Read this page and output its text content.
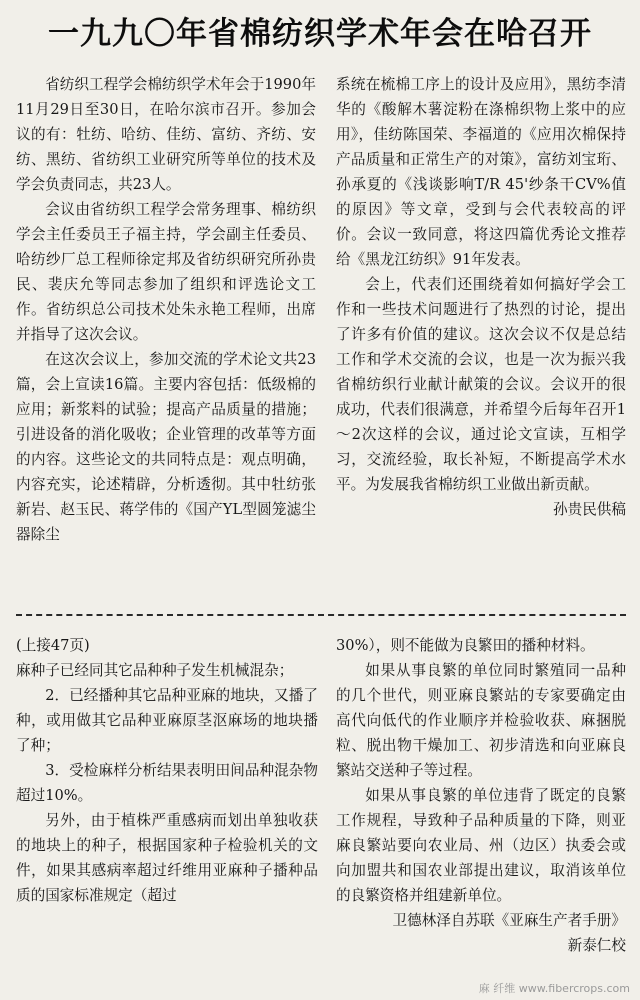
一九九〇年省棉纺织学术年会在哈召开

省纺织工程学会棉纺织学术年会于1990年11月29日至30日，在哈尔滨市召开。参加会议的有：牡纺、哈纺、佳纺、富纺、齐纺、安纺、黑纺、省纺织工业研究所等单位的技术及学会负责同志，共23人。

会议由省纺织工程学会常务理事、棉纺织学会主任委员王子福主持，学会副主任委员、哈纺纱厂总工程师徐定邦及省纺织研究所孙贵民、裴庆允等同志参加了组织和评选论文工作。省纺织总公司技术处朱永艳工程师，出席并指导了这次会议。

在这次会议上，参加交流的学术论文共23篇，会上宣读16篇。主要内容包括：低级棉的应用；新浆料的试验；提高产品质量的措施；引进设备的消化吸收；企业管理的改革等方面的内容。这些论文的共同特点是：观点明确，内容充实，论述精辟，分析透彻。其中牡纺张新岩、赵玉民、蒋学伟的《国产YL型圆笼滤尘器除尘

系统在梳棉工序上的设计及应用》，黑纺李清华的《酸解木薯淀粉在涤棉织物上浆中的应用》，佳纺陈国荣、李福道的《应用次棉保持产品质量和正常生产的对策》，富纺刘宝珩、孙承夏的《浅谈影响T/R 45'纱条干CV%值的原因》等文章，受到与会代表较高的评价。会议一致同意，将这四篇优秀论文推荐给《黑龙江纺织》91年发表。

会上，代表们还围绕着如何搞好学会工作和一些技术问题进行了热烈的讨论，提出了许多有价值的建议。这次会议不仅是总结工作和学术交流的会议，也是一次为振兴我省棉纺织行业献计献策的会议。会议开的很成功，代表们很满意，并希望今后每年召开1～2次这样的会议，通过论文宣读，互相学习，交流经验，取长补短，不断提高学术水平。为发展我省棉纺织工业做出新贡献。

孙贵民供稿

(上接47页)

麻种子已经同其它品种种子发生机械混杂；

2．已经播种其它品种亚麻的地块，又播了种，或用做其它品种亚麻原茎沤麻场的地块播了种；

3．受检麻样分析结果表明田间品种混杂物超过10%。

另外，由于植株严重感病而划出单独收获的地块上的种子，根据国家种子检验机关的文件，如果其感病率超过纤维用亚麻种子播种品质的国家标准规定（超过

30%），则不能做为良繁田的播种材料。

如果从事良繁的单位同时繁殖同一品种的几个世代，则亚麻良繁站的专家要确定由高代向低代的作业顺序并检验收获、麻捆脱粒、脱出物干燥加工、初步清选和向亚麻良繁站交送种子等过程。

如果从事良繁的单位违背了既定的良繁工作规程，导致种子品种质量的下降，则亚麻良繁站要向农业局、州（边区）执委会或向加盟共和国农业部提出建议，取消该单位的良繁资格并组建新单位。

卫德林泽自苏联《亚麻生产者手册》

新泰仁校

麻 纤维 www.fibercrops.com
